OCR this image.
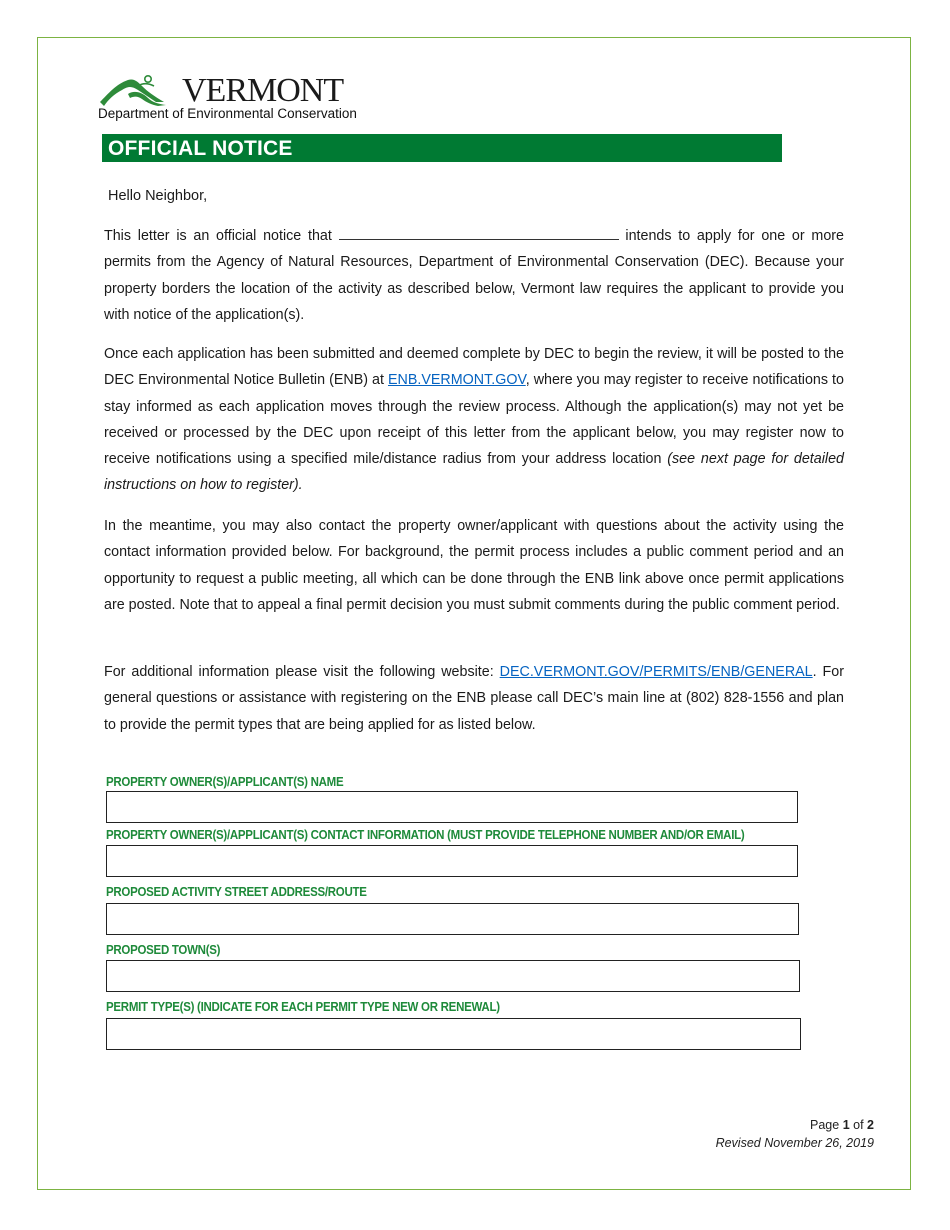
VERMONT
Department of Environmental Conservation
OFFICIAL NOTICE
Hello Neighbor,

This letter is an official notice that	intends to apply for one or more permits from the Agency of Natural Resources, Department of Environmental Conservation (DEC). Because your property borders the location of the activity as described below, Vermont law requires the applicant to provide you with notice of the application(s).

Once each application has been submitted and deemed complete by DEC to begin the review, it will be posted to the DEC Environmental Notice Bulletin (ENB) at ENB.VERMONT.GOV, where you may register to receive notifications to stay informed as each application moves through the review process. Although the application(s) may not yet be received or processed by the DEC upon receipt of this letter from the applicant below, you may register now to receive notifications using a specified mile/distance radius from your address location (see next page for detailed instructions on how to register).

In the meantime, you may also contact the property owner/applicant with questions about the activity using the contact information provided below. For background, the permit process includes a public comment period and an opportunity to request a public meeting, all which can be done through the ENB link above once permit applications are posted. Note that to appeal a final permit decision you must submit comments during the public comment period.

For additional information please visit the following website: DEC.VERMONT.GOV/PERMITS/ENB/GENERAL. For general questions or assistance with registering on the ENB please call DEC’s main line at (802) 828-1556 and plan to provide the permit types that are being applied for as listed below.

PROPERTY OWNER(S)/APPLICANT(S) NAME
PROPERTY OWNER(S)/APPLICANT(S) CONTACT INFORMATION (MUST PROVIDE TELEPHONE NUMBER AND/OR EMAIL)
PROPOSED ACTIVITY STREET ADDRESS/ROUTE
PROPOSED TOWN(S)
PERMIT TYPE(S) (INDICATE FOR EACH PERMIT TYPE NEW OR RENEWAL)
Page 1 of 2
Revised November 26, 2019
